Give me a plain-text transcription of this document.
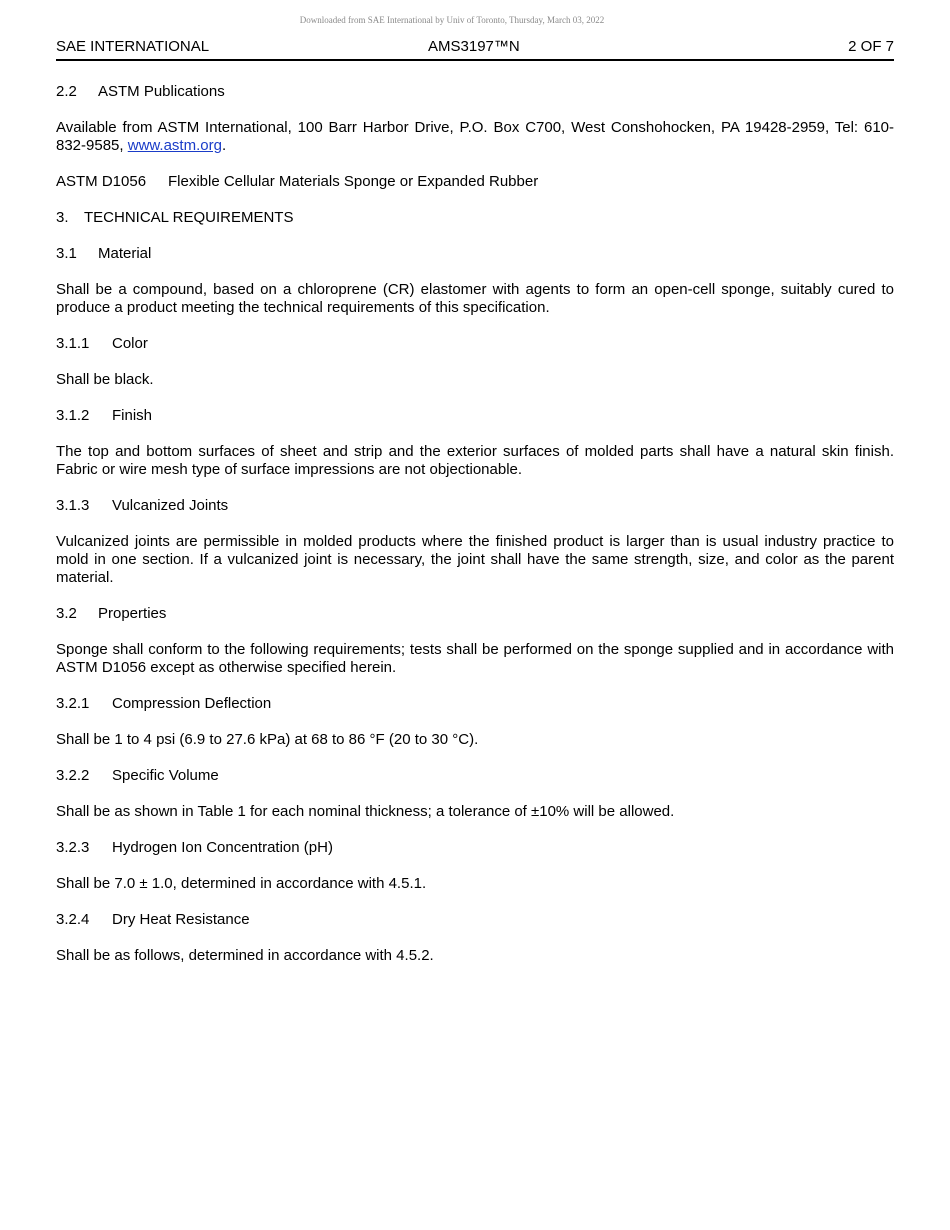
Downloaded from SAE International by Univ of Toronto, Thursday, March 03, 2022
SAE INTERNATIONAL	AMS3197™N	2 OF 7
2.2 ASTM Publications

Available from ASTM International, 100 Barr Harbor Drive, P.O. Box C700, West Conshohocken, PA 19428-2959, Tel: 610-832-9585, www.astm.org.

ASTM D1056 Flexible Cellular Materials Sponge or Expanded Rubber
3. TECHNICAL REQUIREMENTS
3.1 Material

Shall be a compound, based on a chloroprene (CR) elastomer with agents to form an open-cell sponge, suitably cured to produce a product meeting the technical requirements of this specification.

3.1.1 Color

Shall be black.

3.1.2 Finish

The top and bottom surfaces of sheet and strip and the exterior surfaces of molded parts shall have a natural skin finish. Fabric or wire mesh type of surface impressions are not objectionable.

3.1.3 Vulcanized Joints

Vulcanized joints are permissible in molded products where the finished product is larger than is usual industry practice to mold in one section. If a vulcanized joint is necessary, the joint shall have the same strength, size, and color as the parent material.

3.2 Properties

Sponge shall conform to the following requirements; tests shall be performed on the sponge supplied and in accordance with ASTM D1056 except as otherwise specified herein.

3.2.1 Compression Deflection

Shall be 1 to 4 psi (6.9 to 27.6 kPa) at 68 to 86 °F (20 to 30 °C).

3.2.2 Specific Volume

Shall be as shown in Table 1 for each nominal thickness; a tolerance of ±10% will be allowed.

3.2.3 Hydrogen Ion Concentration (pH)

Shall be 7.0 ± 1.0, determined in accordance with 4.5.1.

3.2.4 Dry Heat Resistance

Shall be as follows, determined in accordance with 4.5.2.
